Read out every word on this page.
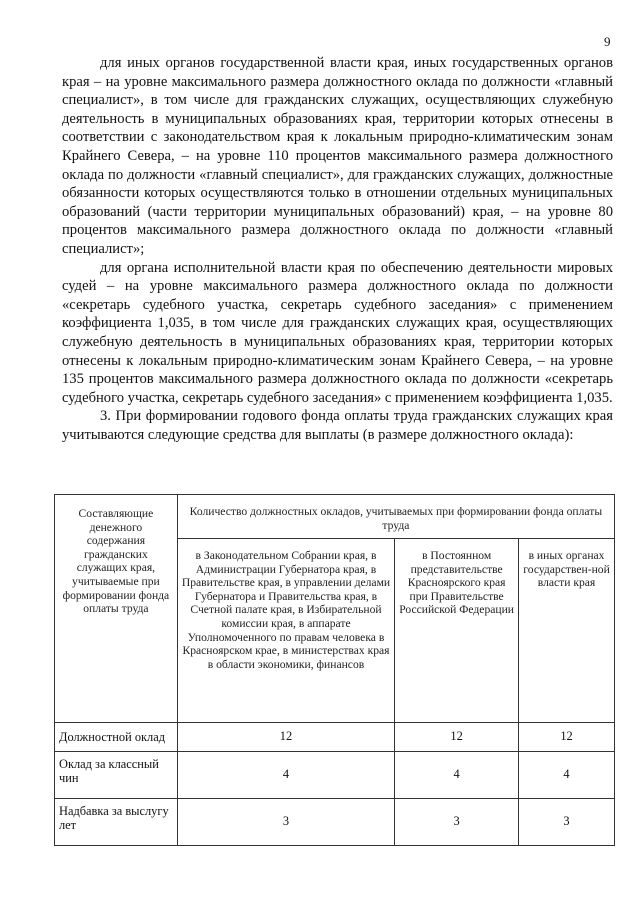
9

для иных органов государственной власти края, иных государственных органов края – на уровне максимального размера должностного оклада по должности «главный специалист», в том числе для гражданских служащих, осуществляющих служебную деятельность в муниципальных образованиях края, территории которых отнесены в соответствии с законодательством края к локальным природно-климатическим зонам Крайнего Севера, – на уровне 110 процентов максимального размера должностного оклада по должности «главный специалист», для гражданских служащих, должностные обязанности которых осуществляются только в отношении отдельных муниципальных образований (части территории муниципальных образований) края, – на уровне 80 процентов максимального размера должностного оклада по должности «главный специалист»;

для органа исполнительной власти края по обеспечению деятельности мировых судей – на уровне максимального размера должностного оклада по должности «секретарь судебного участка, секретарь судебного заседания» с применением коэффициента 1,035, в том числе для гражданских служащих края, осуществляющих служебную деятельность в муниципальных образованиях края, территории которых отнесены к локальным природно-климатическим зонам Крайнего Севера, – на уровне 135 процентов максимального размера должностного оклада по должности «секретарь судебного участка, секретарь судебного заседания» с применением коэффициента 1,035.

3. При формировании годового фонда оплаты труда гражданских служащих края учитываются следующие средства для выплаты (в размере должностного оклада):

Составляющие денежного содержания гражданских служащих края, учитываемые при формировании фонда оплаты труда	Количество должностных окладов, учитываемых при формировании фонда оплаты труда		
	в Законодательном Собрании края, в Администрации Губернатора края, в Правительстве края, в управлении делами Губернатора и Правительства края, в Счетной палате края, в Избирательной комиссии края, в аппарате Уполномоченного по правам человека в Красноярском крае, в министерствах края в области экономики, финансов	в Постоянном представительстве Красноярского края при Правительстве Российской Федерации	в иных органах государствен-ной власти края
Должностной оклад	12	12	12
Оклад за классный чин	4	4	4
Надбавка за выслугу лет	3	3	3
